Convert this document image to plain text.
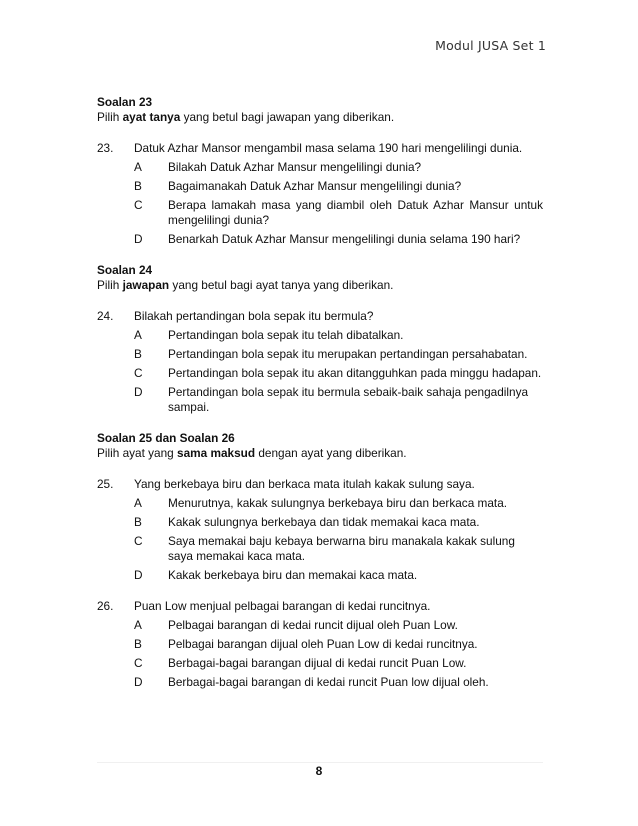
Modul JUSA Set 1
Soalan 23
Pilih ayat tanya yang betul bagi jawapan yang diberikan.
23.	Datuk Azhar Mansor mengambil masa selama 190 hari mengelilingi dunia.
A	Bilakah Datuk Azhar Mansur mengelilingi dunia?
B	Bagaimanakah Datuk Azhar Mansur mengelilingi dunia?
C	Berapa lamakah masa yang diambil oleh Datuk Azhar Mansur untuk mengelilingi dunia?
D	Benarkah Datuk Azhar Mansur mengelilingi dunia selama 190 hari?
Soalan 24
Pilih jawapan yang betul bagi ayat tanya yang diberikan.
24.	Bilakah pertandingan bola sepak itu bermula?
A	Pertandingan bola sepak itu telah dibatalkan.
B	Pertandingan bola sepak itu merupakan pertandingan persahabatan.
C	Pertandingan bola sepak itu akan ditangguhkan pada minggu hadapan.
D	Pertandingan bola sepak itu bermula sebaik-baik sahaja pengadilnya sampai.
Soalan 25 dan Soalan 26
Pilih ayat yang sama maksud dengan ayat yang diberikan.
25.	Yang berkebaya biru dan berkaca mata itulah kakak sulung saya.
A	Menurutnya, kakak sulungnya berkebaya biru dan berkaca mata.
B	Kakak sulungnya berkebaya dan tidak memakai kaca mata.
C	Saya memakai baju kebaya berwarna biru manakala kakak sulung saya memakai kaca mata.
D	Kakak berkebaya biru dan memakai kaca mata.
26.	Puan Low menjual pelbagai barangan di kedai runcitnya.
A	Pelbagai barangan di kedai runcit dijual oleh Puan Low.
B	Pelbagai barangan dijual oleh Puan Low di kedai runcitnya.
C	Berbagai-bagai barangan dijual di kedai runcit Puan Low.
D	Berbagai-bagai barangan di kedai runcit Puan low dijual oleh.
8
